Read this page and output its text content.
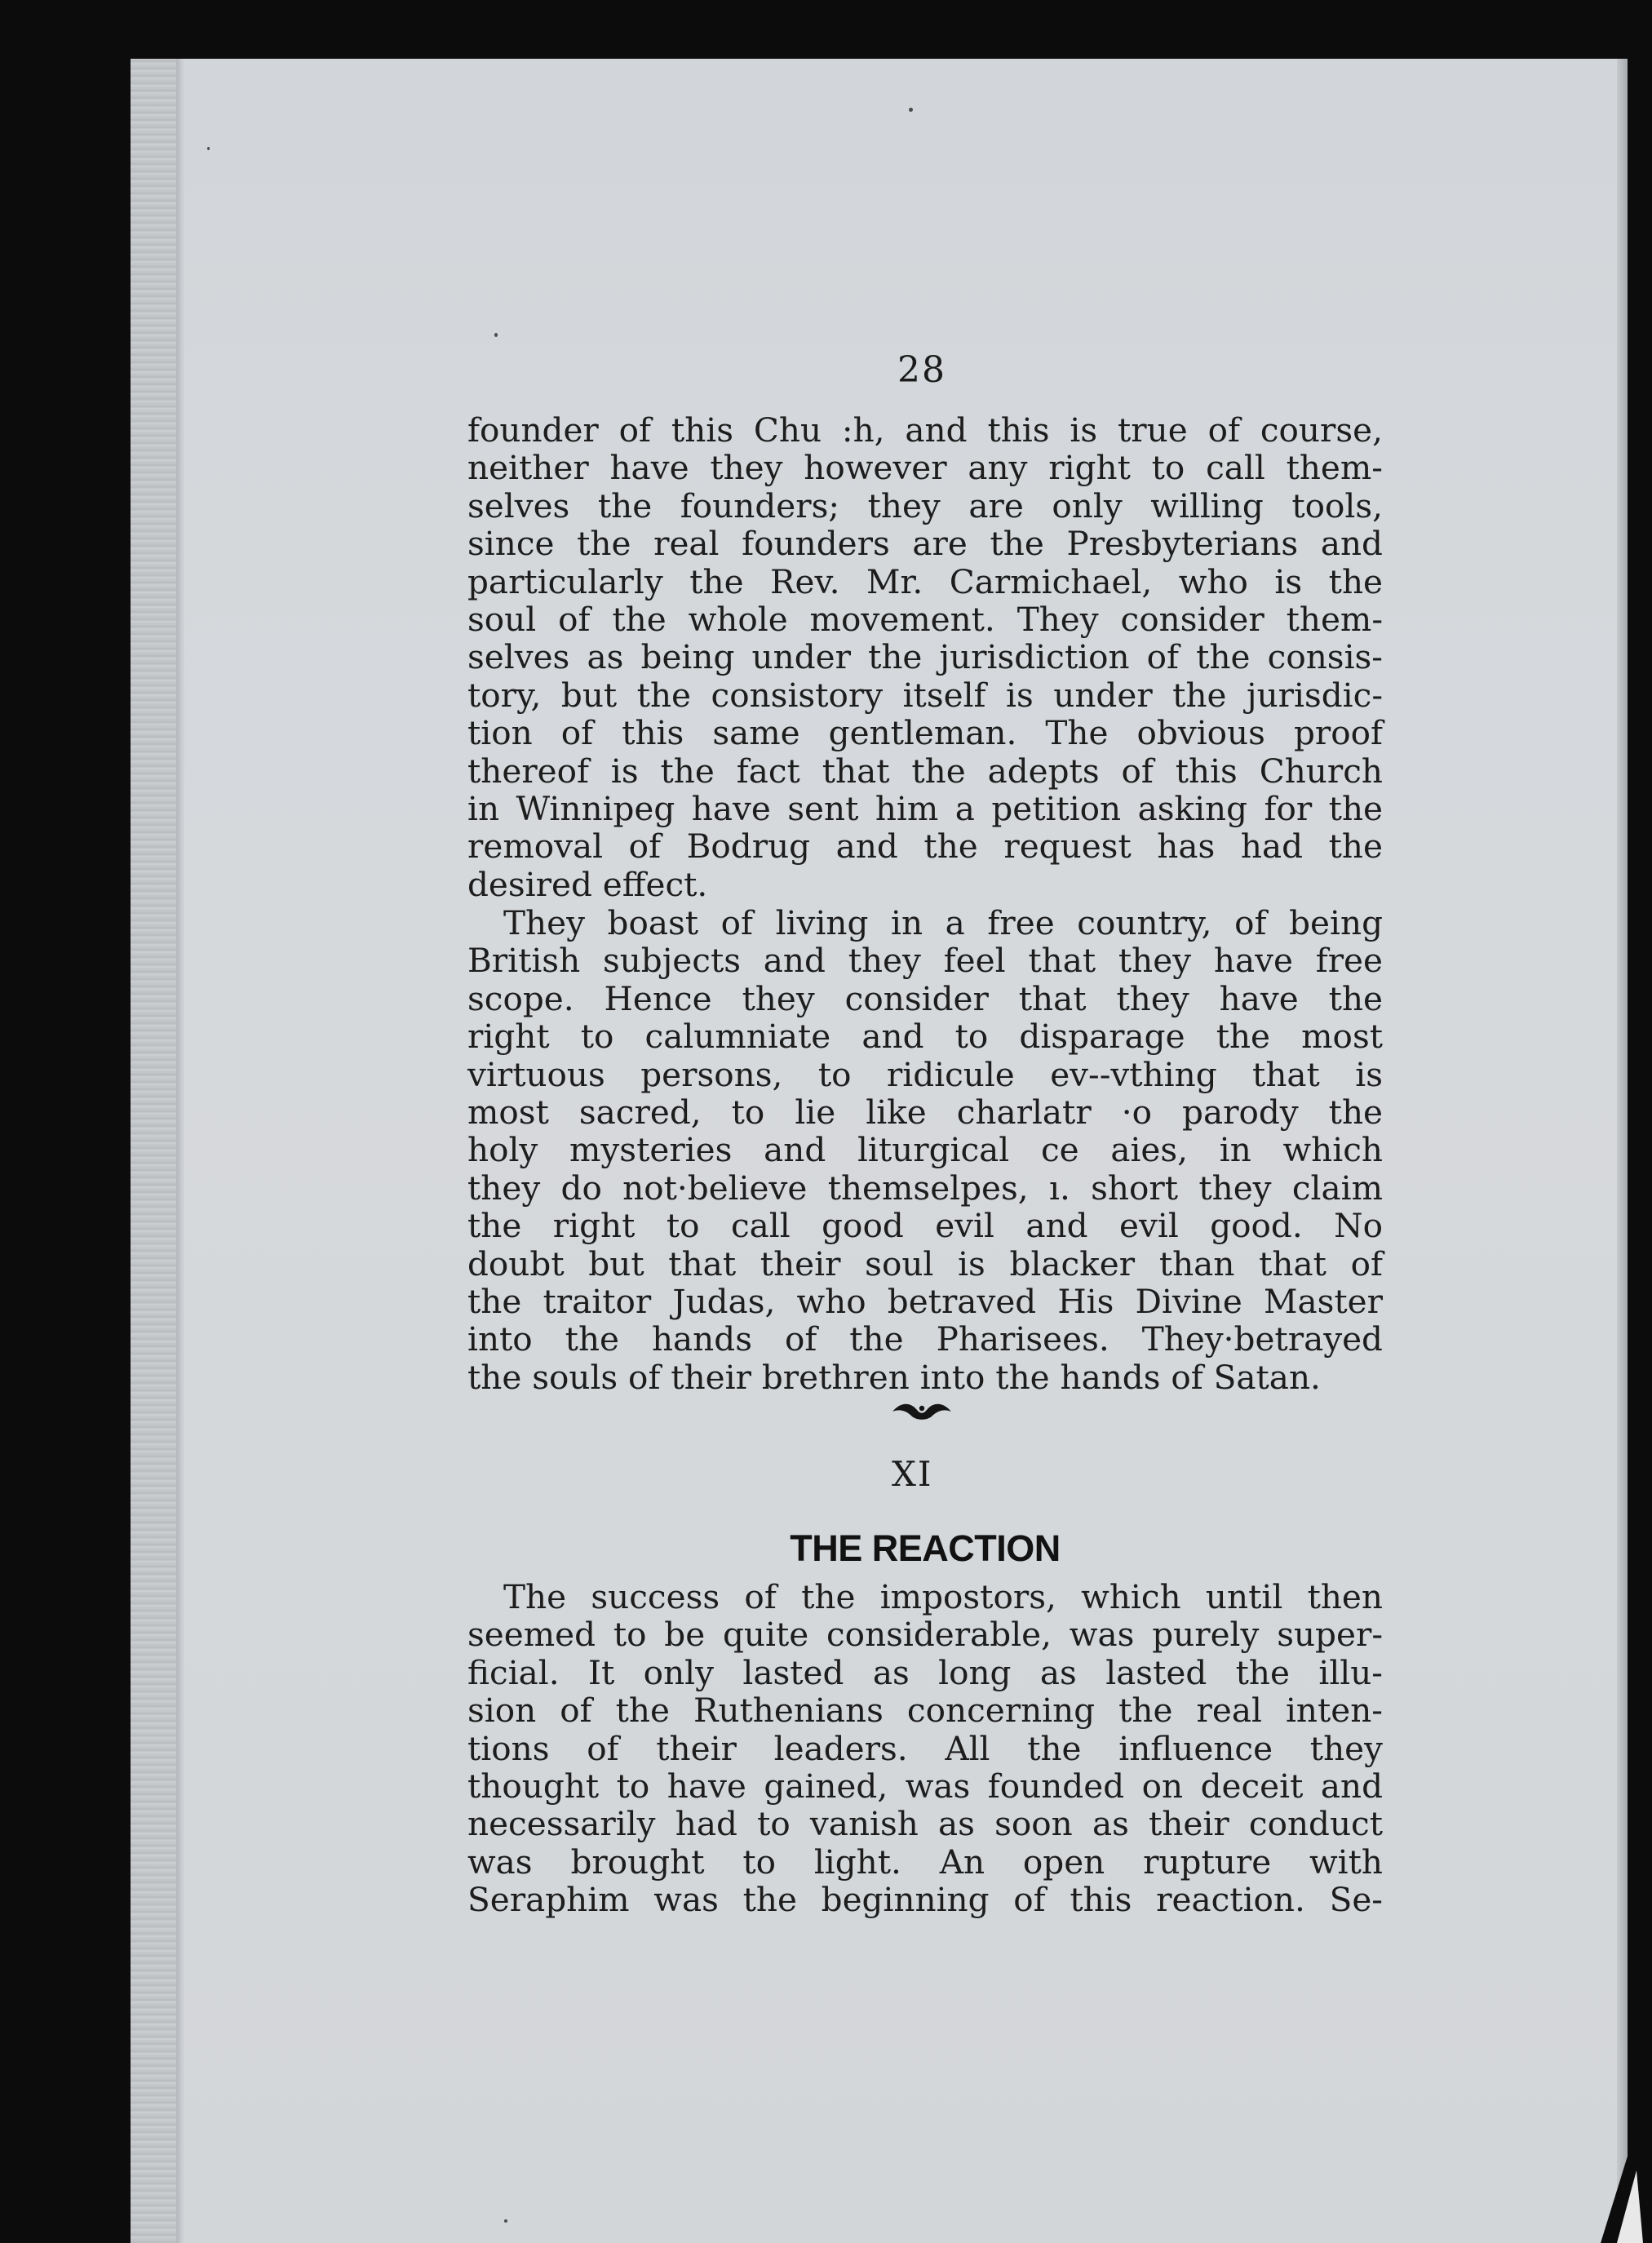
28
founder of this Chu :h, and this is true of course,
neither have they however any right to call them-
selves the founders; they are only willing tools,
since the real founders are the Presbyterians and
particularly the Rev. Mr. Carmichael, who is the
soul of the whole movement. They consider them-
selves as being under the jurisdiction of the consis-
tory, but the consistory itself is under the jurisdic-
tion of this same gentleman. The obvious proof
thereof is the fact that the adepts of this Church
in Winnipeg have sent him a petition asking for the
removal of Bodrug and the request has had the
desired effect.
They boast of living in a free country, of being
British subjects and they feel that they have free
scope. Hence they consider that they have the
right to calumniate and to disparage the most
virtuous persons, to ridicule ev--vthing that is
most sacred, to lie like charlatr ·o parody the
holy mysteries and liturgical ce aies, in which
they do not·believe themselpes, ı. short they claim
the right to call good evil and evil good. No
doubt but that their soul is blacker than that of
the traitor Judas, who betraved His Divine Master
into the hands of the Pharisees. They·betrayed
the souls of their brethren into the hands of Satan.
XI
THE REACTION
The success of the impostors, which until then
seemed to be quite considerable, was purely super-
ficial. It only lasted as long as lasted the illu-
sion of the Ruthenians concerning the real inten-
tions of their leaders. All the influence they
thought to have gained, was founded on deceit and
necessarily had to vanish as soon as their conduct
was brought to light. An open rupture with
Seraphim was the beginning of this reaction. Se-
